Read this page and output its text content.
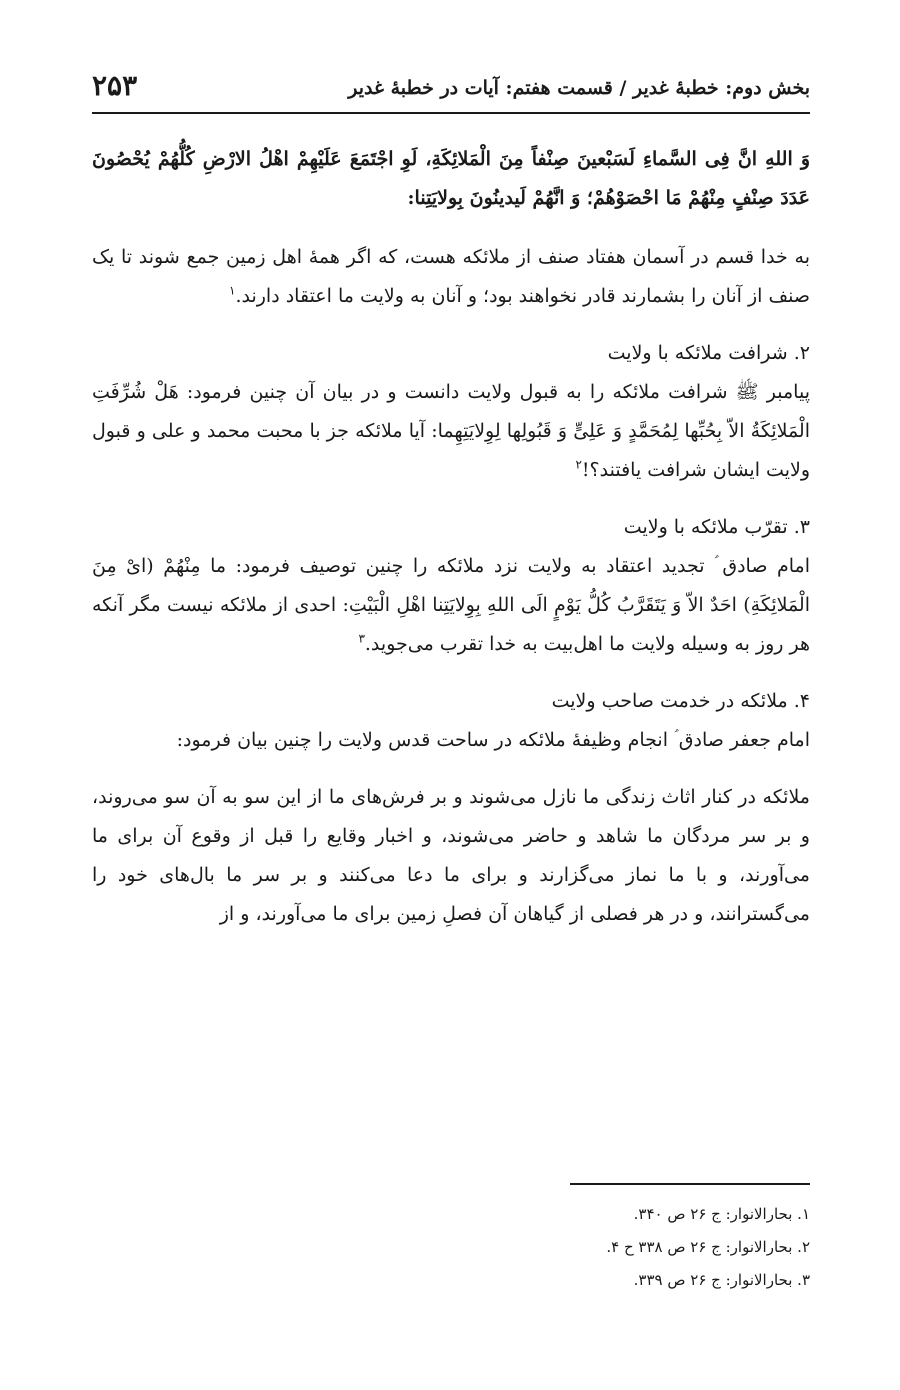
۲۵۳	بخش دوم: خطبۀ غدیر / قسمت هفتم: آیات در خطبۀ غدیر

وَ اللهِ انَّ فِی السَّماءِ لَسَبْعینَ صِنْفاً مِنَ الْمَلائِکَةِ، لَوِ اجْتَمَعَ عَلَیْهِمْ اهْلُ الارْضِ کُلُّهُمْ یُحْصُونَ عَدَدَ صِنْفٍ مِنْهُمْ مَا احْصَوْهُمْ؛ وَ انَّهُمْ لَیدینُونَ بِولایَتِنا:

به خدا قسم در آسمان هفتاد صنف از ملائکه هست، که اگر همۀ اهل زمین جمع شوند تا یک صنف از آنان را بشمارند قادر نخواهند بود؛ و آنان به ولایت ما اعتقاد دارند.$^۱$

۲. شرافت ملائکه با ولایت

پیامبر ﷺ شرافت ملائکه را به قبول ولایت دانست و در بیان آن چنین فرمود: هَلْ شُرِّفَتِ الْمَلائِکَةُ الاّ بِحُبِّها لِمُحَمَّدٍ وَ عَلِیٍّ وَ قَبُولِها لِوِلایَتِهِما: آیا ملائکه جز با محبت محمد و علی و قبول ولایت ایشان شرافت یافتند؟!$^۲$

۳. تقرّب ملائکه با ولایت

امام صادق ؑ تجدید اعتقاد به ولایت نزد ملائکه را چنین توصیف فرمود: ما مِنْهُمْ (ایْ مِنَ الْمَلائِکَةِ) احَدٌ الاّ وَ یَتَقَرَّبُ کُلُّ یَوْمٍ الَی اللهِ بِوِلایَتِنا اهْلِ الْبَیْتِ: احدی از ملائکه نیست مگر آنکه هر روز به وسیله ولایت ما اهل‌بیت به خدا تقرب می‌جوید.$^۳$

۴. ملائکه در خدمت صاحب ولایت

امام جعفر صادق ؑ انجام وظیفۀ ملائکه در ساحت قدس ولایت را چنین بیان فرمود:

ملائکه در کنار اثاث زندگی ما نازل می‌شوند و بر فرش‌های ما از این سو به آن سو می‌روند، و بر سر مردگان ما شاهد و حاضر می‌شوند، و اخبار وقایع را قبل از وقوع آن برای ما می‌آورند، و با ما نماز می‌گزارند و برای ما دعا می‌کنند و بر سر ما بال‌های خود را می‌گسترانند، و در هر فصلی از گیاهان آن فصلِ زمین برای ما می‌آورند، و از

۱. بحارالانوار: ج ۲۶ ص ۳۴۰.
۲. بحارالانوار: ج ۲۶ ص ۳۳۸ ح ۴.
۳. بحارالانوار: ج ۲۶ ص ۳۳۹.
